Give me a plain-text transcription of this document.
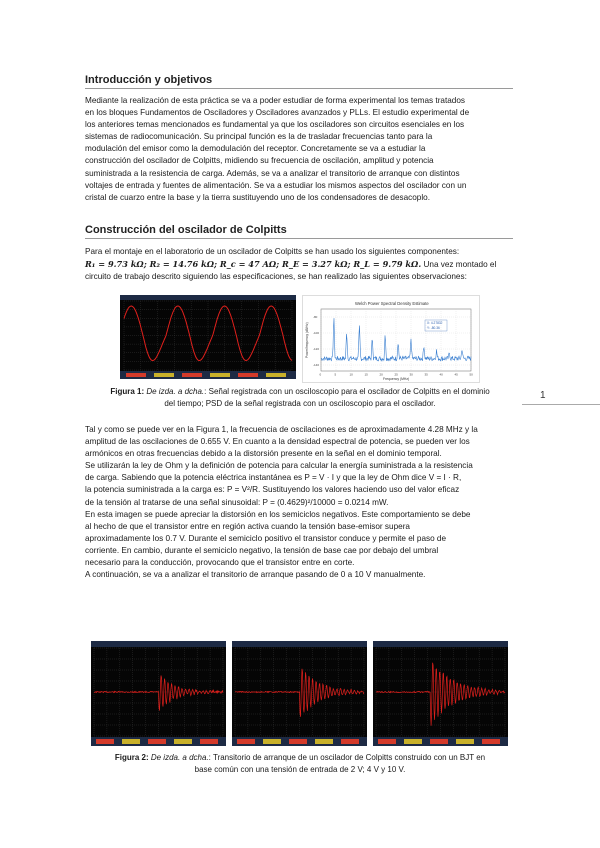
Introducción y objetivos
Mediante la realización de esta práctica se va a poder estudiar de forma experimental los temas tratados
en los bloques Fundamentos de Osciladores y Osciladores avanzados y PLLs. El estudio experimental de
los anteriores temas mencionados es fundamental ya que los osciladores son circuitos esenciales en los
sistemas de radiocomunicación. Su principal función es la de trasladar frecuencias tanto para la
modulación del emisor como la demodulación del receptor. Concretamente se va a estudiar la
construcción del oscilador de Colpitts, midiendo su frecuencia de oscilación, amplitud y potencia
suministrada a la resistencia de carga. Además, se va a analizar el transitorio de arranque con distintos
voltajes de entrada y fuentes de alimentación. Se va a estudiar los mismos aspectos del oscilador con un
cristal de cuarzo entre la base y la tierra sustituyendo uno de los condensadores de desacoplo.
Construcción del oscilador de Colpitts
Para el montaje en el laboratorio de un oscilador de Colpitts se han usado los siguientes componentes:
R₁ = 9.73 kΩ; R₂ = 14.76 kΩ; R_c = 47 AΩ; R_E = 3.27 kΩ; R_L = 9.79 kΩ. Una vez montado el
circuito de trabajo descrito siguiendo las especificaciones, se han realizado las siguientes observaciones:
Welch Power Spectral Density Estimate
Frequency (MHz)
Power/frequency (dB/Hz)	X: 4.27832
Y: -80.36
0	5	10	15	20	25	30	35	40	45	50
-80
-100
-120
-140
Figura 1: De izda. a dcha.: Señal registrada con un osciloscopio para el oscilador de Colpitts en el dominio
del tiempo; PSD de la señal registrada con un osciloscopio para el oscilador.
1
Tal y como se puede ver en la Figura 1, la frecuencia de oscilaciones es de aproximadamente 4.28 MHz y la
amplitud de las oscilaciones de 0.655 V. En cuanto a la densidad espectral de potencia, se pueden ver los
armónicos en otras frecuencias debido a la distorsión presente en la señal en el dominio temporal.
Se utilizarán la ley de Ohm y la definición de potencia para calcular la energía suministrada a la resistencia
de carga. Sabiendo que la potencia eléctrica instantánea es P = V · I y que la ley de Ohm dice V = I · R,
la potencia suministrada a la carga es: P = V²/R. Sustituyendo los valores haciendo uso del valor eficaz
de la tensión al tratarse de una señal sinusoidal: P = (0.4629)²/10000 = 0.0214 mW.
En esta imagen se puede apreciar la distorsión en los semiciclos negativos. Este comportamiento se debe
al hecho de que el transistor entre en región activa cuando la tensión base-emisor supera
aproximadamente los 0.7 V. Durante el semiciclo positivo el transistor conduce y permite el paso de
corriente. En cambio, durante el semiciclo negativo, la tensión de base cae por debajo del umbral
necesario para la conducción, provocando que el transistor entre en corte.
A continuación, se va a analizar el transitorio de arranque pasando de 0 a 10 V manualmente.
Figura 2: De izda. a dcha.: Transitorio de arranque de un oscilador de Colpitts construido con un BJT en
base común con una tensión de entrada de 2 V; 4 V y 10 V.
